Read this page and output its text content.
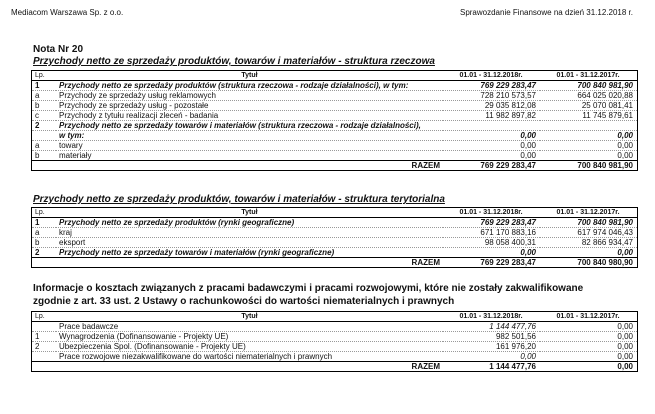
Mediacom Warszawa Sp. z o.o.	Sprawozdanie Finansowe na dzień 31.12.2018 r.
Nota Nr 20
Przychody netto ze sprzedaży produktów, towarów i materiałów - struktura rzeczowa
Lp.	Tytuł	01.01 - 31.12.2018r.	01.01 - 31.12.2017r.
1	Przychody netto ze sprzedaży produktów (struktura rzeczowa - rodzaje działalności), w tym:	769 229 283,47	700 840 981,90
a	Przychody ze sprzedaży usług reklamowych	728 210 573,57	664 025 020,88
b	Przychody ze sprzedaży usług - pozostałe	29 035 812,08	25 070 081,41
c	Przychody z tytułu realizacji zleceń - badania	11 982 897,82	11 745 879,61
2	Przychody netto ze sprzedaży towarów i materiałów (struktura rzeczowa - rodzaje działalności),		
	w tym:	0,00	0,00
a	towary	0,00	0,00
b	materiały	0,00	0,00
	RAZEM	769 229 283,47	700 840 981,90
Przychody netto ze sprzedaży produktów, towarów i materiałów - struktura terytorialna
Lp.	Tytuł	01.01 - 31.12.2018r.	01.01 - 31.12.2017r.
1	Przychody netto ze sprzedaży produktów (rynki geograficzne)	769 229 283,47	700 840 981,90
a	kraj	671 170 883,16	617 974 046,43
b	eksport	98 058 400,31	82 866 934,47
2	Przychody netto ze sprzedaży towarów i materiałów (rynki geograficzne)	0,00	0,00
	RAZEM	769 229 283,47	700 840 980,90
Informacje o kosztach związanych z pracami badawczymi i pracami rozwojowymi, które nie zostały zakwalifikowane
zgodnie z art. 33 ust. 2 Ustawy o rachunkowości do wartości niematerialnych i prawnych
Lp.	Tytuł	01.01 - 31.12.2018r.	01.01 - 31.12.2017r.
	Prace badawcze	1 144 477,76	0,00
1	Wynagrodzenia (Dofinansowanie - Projekty UE)	982 501,56	0,00
2	Ubezpieczenia Spol. (Dofinansowanie - Projekty UE)	161 976,20	0,00
	Prace rozwojowe niezakwalifikowane do wartości niematerialnych i prawnych	0,00	0,00
	RAZEM	1 144 477,76	0,00
